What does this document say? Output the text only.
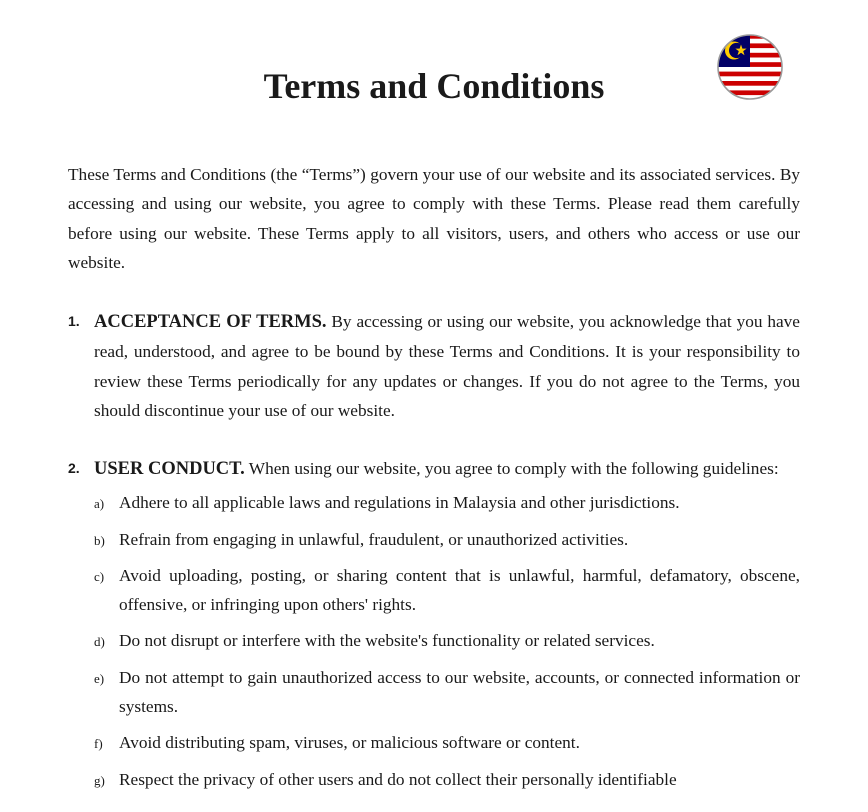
Terms and Conditions

These Terms and Conditions (the “Terms”) govern your use of our website and its associated services. By accessing and using our website, you agree to comply with these Terms. Please read them carefully before using our website. These Terms apply to all visitors, users, and others who access or use our website.

1. ACCEPTANCE OF TERMS. By accessing or using our website, you acknowledge that you have read, understood, and agree to be bound by these Terms and Conditions. It is your responsibility to review these Terms periodically for any updates or changes. If you do not agree to the Terms, you should discontinue your use of our website.
2. USER CONDUCT. When using our website, you agree to comply with the following guidelines:
a) Adhere to all applicable laws and regulations in Malaysia and other jurisdictions.
b) Refrain from engaging in unlawful, fraudulent, or unauthorized activities.
c) Avoid uploading, posting, or sharing content that is unlawful, harmful, defamatory, obscene, offensive, or infringing upon others' rights.
d) Do not disrupt or interfere with the website's functionality or related services.
e) Do not attempt to gain unauthorized access to our website, accounts, or connected information or systems.
f) Avoid distributing spam, viruses, or malicious software or content.
g) Respect the privacy of other users and do not collect their personally identifiable
